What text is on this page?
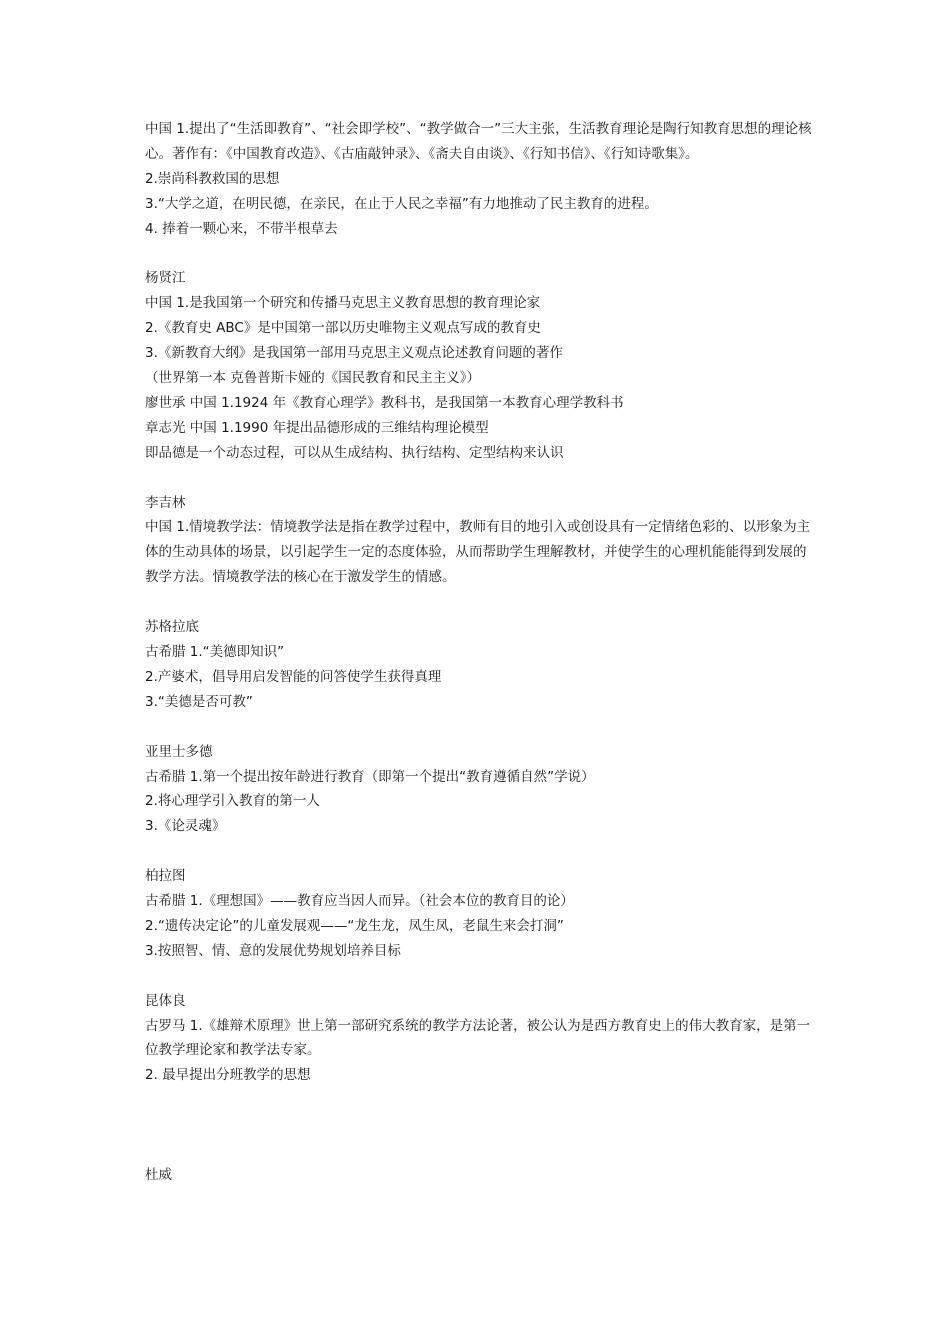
中国 1.提出了“生活即教育”、“社会即学校”、“教学做合一”三大主张，生活教育理论是陶行知教育思想的理论核心。著作有：《中国教育改造》、《古庙敲钟录》、《斋夫自由谈》、《行知书信》、《行知诗歌集》。

2.崇尚科教救国的思想

3.“大学之道，在明民德，在亲民，在止于人民之幸福”有力地推动了民主教育的进程。

4. 捧着一颗心来，不带半根草去

杨贤江

中国 1.是我国第一个研究和传播马克思主义教育思想的教育理论家

2.《教育史 ABC》是中国第一部以历史唯物主义观点写成的教育史

3.《新教育大纲》是我国第一部用马克思主义观点论述教育问题的著作

（世界第一本 克鲁普斯卡娅的《国民教育和民主主义》）

廖世承 中国 1.1924 年《教育心理学》教科书，是我国第一本教育心理学教科书

章志光 中国 1.1990 年提出品德形成的三维结构理论模型

即品德是一个动态过程，可以从生成结构、执行结构、定型结构来认识

李吉林

中国 1.情境教学法：情境教学法是指在教学过程中，教师有目的地引入或创设具有一定情绪色彩的、以形象为主体的生动具体的场景，以引起学生一定的态度体验，从而帮助学生理解教材，并使学生的心理机能能得到发展的教学方法。情境教学法的核心在于激发学生的情感。

苏格拉底

古希腊 1.“美德即知识”

2.产婆术，倡导用启发智能的问答使学生获得真理

3.“美德是否可教”

亚里士多德

古希腊 1.第一个提出按年龄进行教育（即第一个提出“教育遵循自然”学说）

2.将心理学引入教育的第一人

3.《论灵魂》

柏拉图

古希腊 1.《理想国》——教育应当因人而异。（社会本位的教育目的论）

2.“遗传决定论”的儿童发展观——“龙生龙，凤生凤，老鼠生来会打洞”

3.按照智、情、意的发展优势规划培养目标

昆体良

古罗马 1.《雄辩术原理》世上第一部研究系统的教学方法论著，被公认为是西方教育史上的伟大教育家，是第一位教学理论家和教学法专家。

2. 最早提出分班教学的思想

杜威
